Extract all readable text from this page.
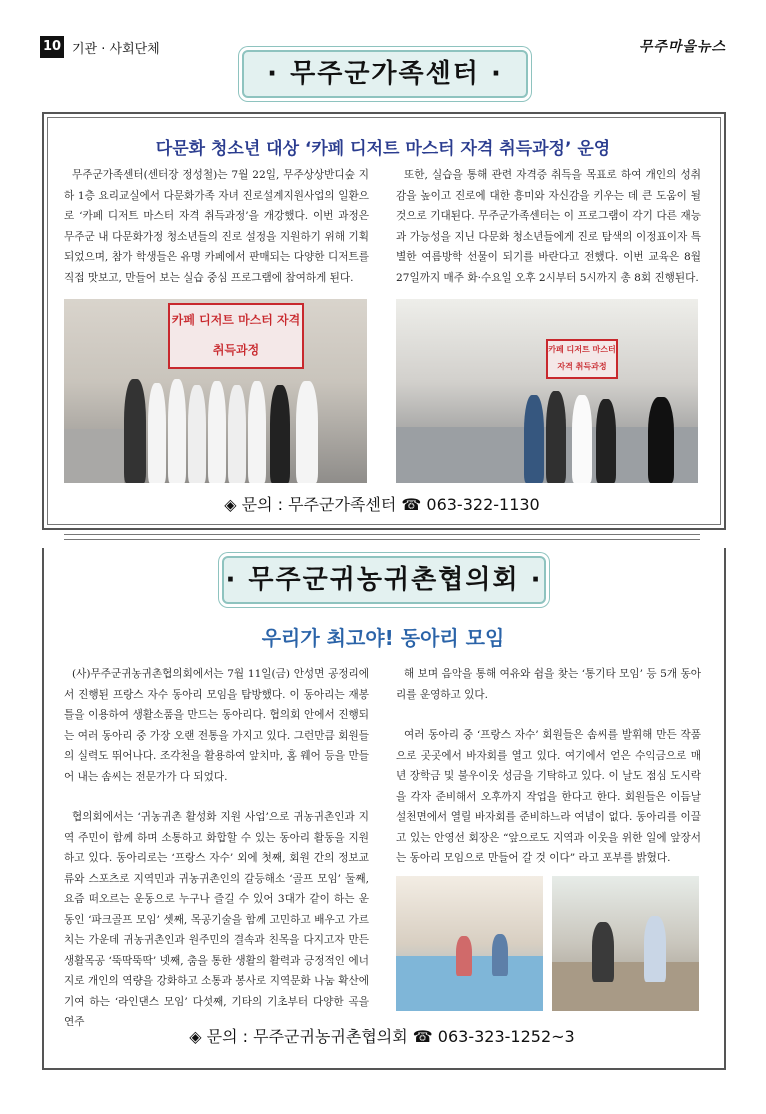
10 기관 · 사회단체	무주마을뉴스
· 무주군가족센터 ·
다문화 청소년 대상 ‘카페 디저트 마스터 자격 취득과정’ 운영

무주군가족센터(센터장 정성철)는 7월 22일, 무주상상반디숲 지하 1층 요리교실에서 다문화가족 자녀 진로설계지원사업의 일환으로 ‘카페 디저트 마스터 자격 취득과정’을 개강했다. 이번 과정은 무주군 내 다문화가정 청소년들의 진로 설정을 지원하기 위해 기획되었으며, 참가 학생들은 유명 카페에서 판매되는 다양한 디저트를 직접 맛보고, 만들어 보는 실습 중심 프로그램에 참여하게 된다.

또한, 실습을 통해 관련 자격증 취득을 목표로 하여 개인의 성취감을 높이고 진로에 대한 흥미와 자신감을 키우는 데 큰 도움이 될 것으로 기대된다. 무주군가족센터는 이 프로그램이 각기 다른 재능과 가능성을 지닌 다문화 청소년들에게 진로 탐색의 이정표이자 특별한 여름방학 선물이 되기를 바란다고 전했다. 이번 교육은 8월 27일까지 매주 화·수요일 오후 2시부터 5시까지 총 8회 진행된다.

카페 디저트 마스터 자격 취득과정	카페 디저트 마스터 자격 취득과정
◈ 문의 : 무주군가족센터 ☎ 063-322-1130
· 무주군귀농귀촌협의회 ·
우리가 최고야! 동아리 모임

(사)무주군귀농귀촌협의회에서는 7월 11일(금) 안성면 공정리에서 진행된 프랑스 자수 동아리 모임을 탐방했다. 이 동아리는 재봉틀을 이용하여 생활소품을 만드는 동아리다. 협의회 안에서 진행되는 여러 동아리 중 가장 오랜 전통을 가지고 있다. 그런만큼 회원들의 실력도 뛰어나다. 조각천을 활용하여 앞치마, 홈 웨어 등을 만들어 내는 솜씨는 전문가가 다 되었다.

협의회에서는 ‘귀농귀촌 활성화 지원 사업’으로 귀농귀촌인과 지역 주민이 함께 하며 소통하고 화합할 수 있는 동아리 활동을 지원하고 있다. 동아리로는 ‘프랑스 자수’ 외에 첫째, 회원 간의 정보교류와 스포츠로 지역민과 귀농귀촌인의 갈등해소 ‘골프 모임’ 둘째, 요즘 떠오르는 운동으로 누구나 즐길 수 있어 3대가 같이 하는 운동인 ‘파크골프 모임’ 셋째, 목공기술을 함께 고민하고 배우고 가르치는 가운데 귀농귀촌인과 원주민의 결속과 친목을 다지고자 만든 생활목공 ‘뚝딱뚝딱’ 넷째, 춤을 통한 생활의 활력과 긍정적인 에너지로 개인의 역량을 강화하고 소통과 봉사로 지역문화 나눔 확산에 기여 하는 ‘라인댄스 모임’ 다섯째, 기타의 기초부터 다양한 곡을 연주

해 보며 음악을 통해 여유와 쉼을 찾는 ‘통기타 모임’ 등 5개 동아리를 운영하고 있다.

여러 동아리 중 ‘프랑스 자수’ 회원들은 솜씨를 발휘해 만든 작품으로 곳곳에서 바자회를 열고 있다. 여기에서 얻은 수익금으로 매년 장학금 및 불우이웃 성금을 기탁하고 있다. 이 날도 점심 도시락을 각자 준비해서 오후까지 작업을 한다고 한다. 회원들은 이듬날 설천면에서 열릴 바자회를 준비하느라 여념이 없다. 동아리를 이끌고 있는 안영선 회장은 “앞으로도 지역과 이웃을 위한 일에 앞장서는 동아리 모임으로 만들어 갈 것 이다” 라고 포부를 밝혔다.

◈ 문의 : 무주군귀농귀촌협의회 ☎ 063-323-1252~3
